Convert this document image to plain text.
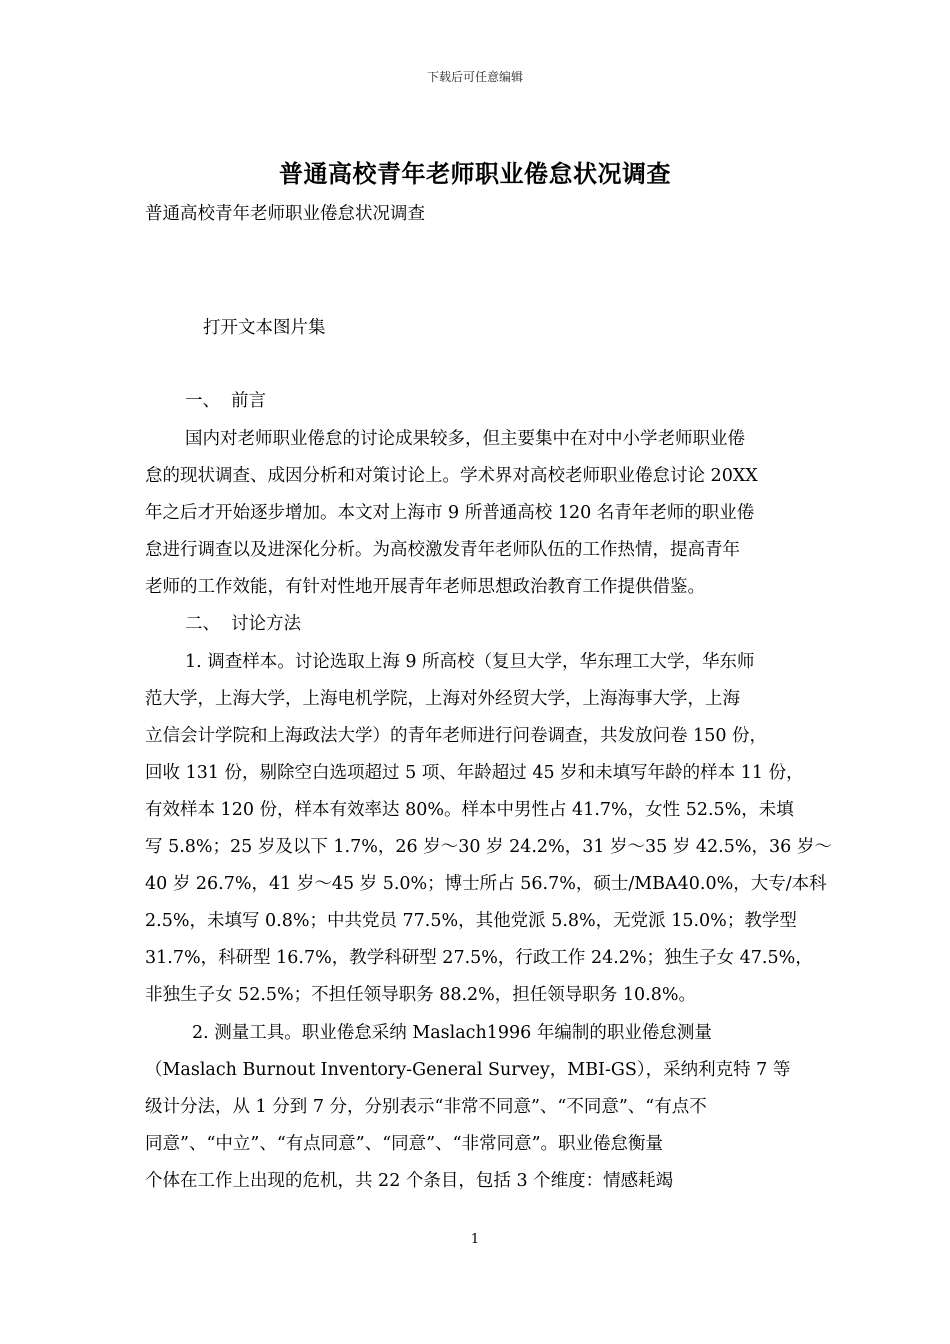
下载后可任意编辑
普通高校青年老师职业倦怠状况调查
普通高校青年老师职业倦怠状况调查
打开文本图片集
一、 前言
国内对老师职业倦怠的讨论成果较多，但主要集中在对中小学老师职业倦
怠的现状调查、成因分析和对策讨论上。学术界对高校老师职业倦怠讨论 20XX
年之后才开始逐步增加。本文对上海市 9 所普通高校 120 名青年老师的职业倦
怠进行调查以及进深化分析。为高校激发青年老师队伍的工作热情，提高青年
老师的工作效能，有针对性地开展青年老师思想政治教育工作提供借鉴。
二、 讨论方法
1. 调查样本。讨论选取上海 9 所高校（复旦大学，华东理工大学，华东师
范大学，上海大学，上海电机学院，上海对外经贸大学，上海海事大学，上海
立信会计学院和上海政法大学）的青年老师进行问卷调查，共发放问卷 150 份，
回收 131 份，剔除空白选项超过 5 项、年龄超过 45 岁和未填写年龄的样本 11 份，
有效样本 120 份，样本有效率达 80%。样本中男性占 41.7%，女性 52.5%，未填
写 5.8%；25 岁及以下 1.7%，26 岁～30 岁 24.2%，31 岁～35 岁 42.5%，36 岁～
40 岁 26.7%，41 岁～45 岁 5.0%；博士所占 56.7%，硕士/MBA40.0%，大专/本科
2.5%，未填写 0.8%；中共党员 77.5%，其他党派 5.8%，无党派 15.0%；教学型
31.7%，科研型 16.7%，教学科研型 27.5%，行政工作 24.2%；独生子女 47.5%，
非独生子女 52.5%；不担任领导职务 88.2%，担任领导职务 10.8%。
2. 测量工具。职业倦怠采纳 Maslach1996 年编制的职业倦怠测量
（Maslach Burnout Inventory-General Survey，MBI-GS），采纳利克特 7 等
级计分法，从 1 分到 7 分，分别表示“非常不同意”、“不同意”、“有点不
同意”、“中立”、“有点同意”、“同意”、“非常同意”。职业倦怠衡量
个体在工作上出现的危机，共 22 个条目，包括 3 个维度：情感耗竭
1
